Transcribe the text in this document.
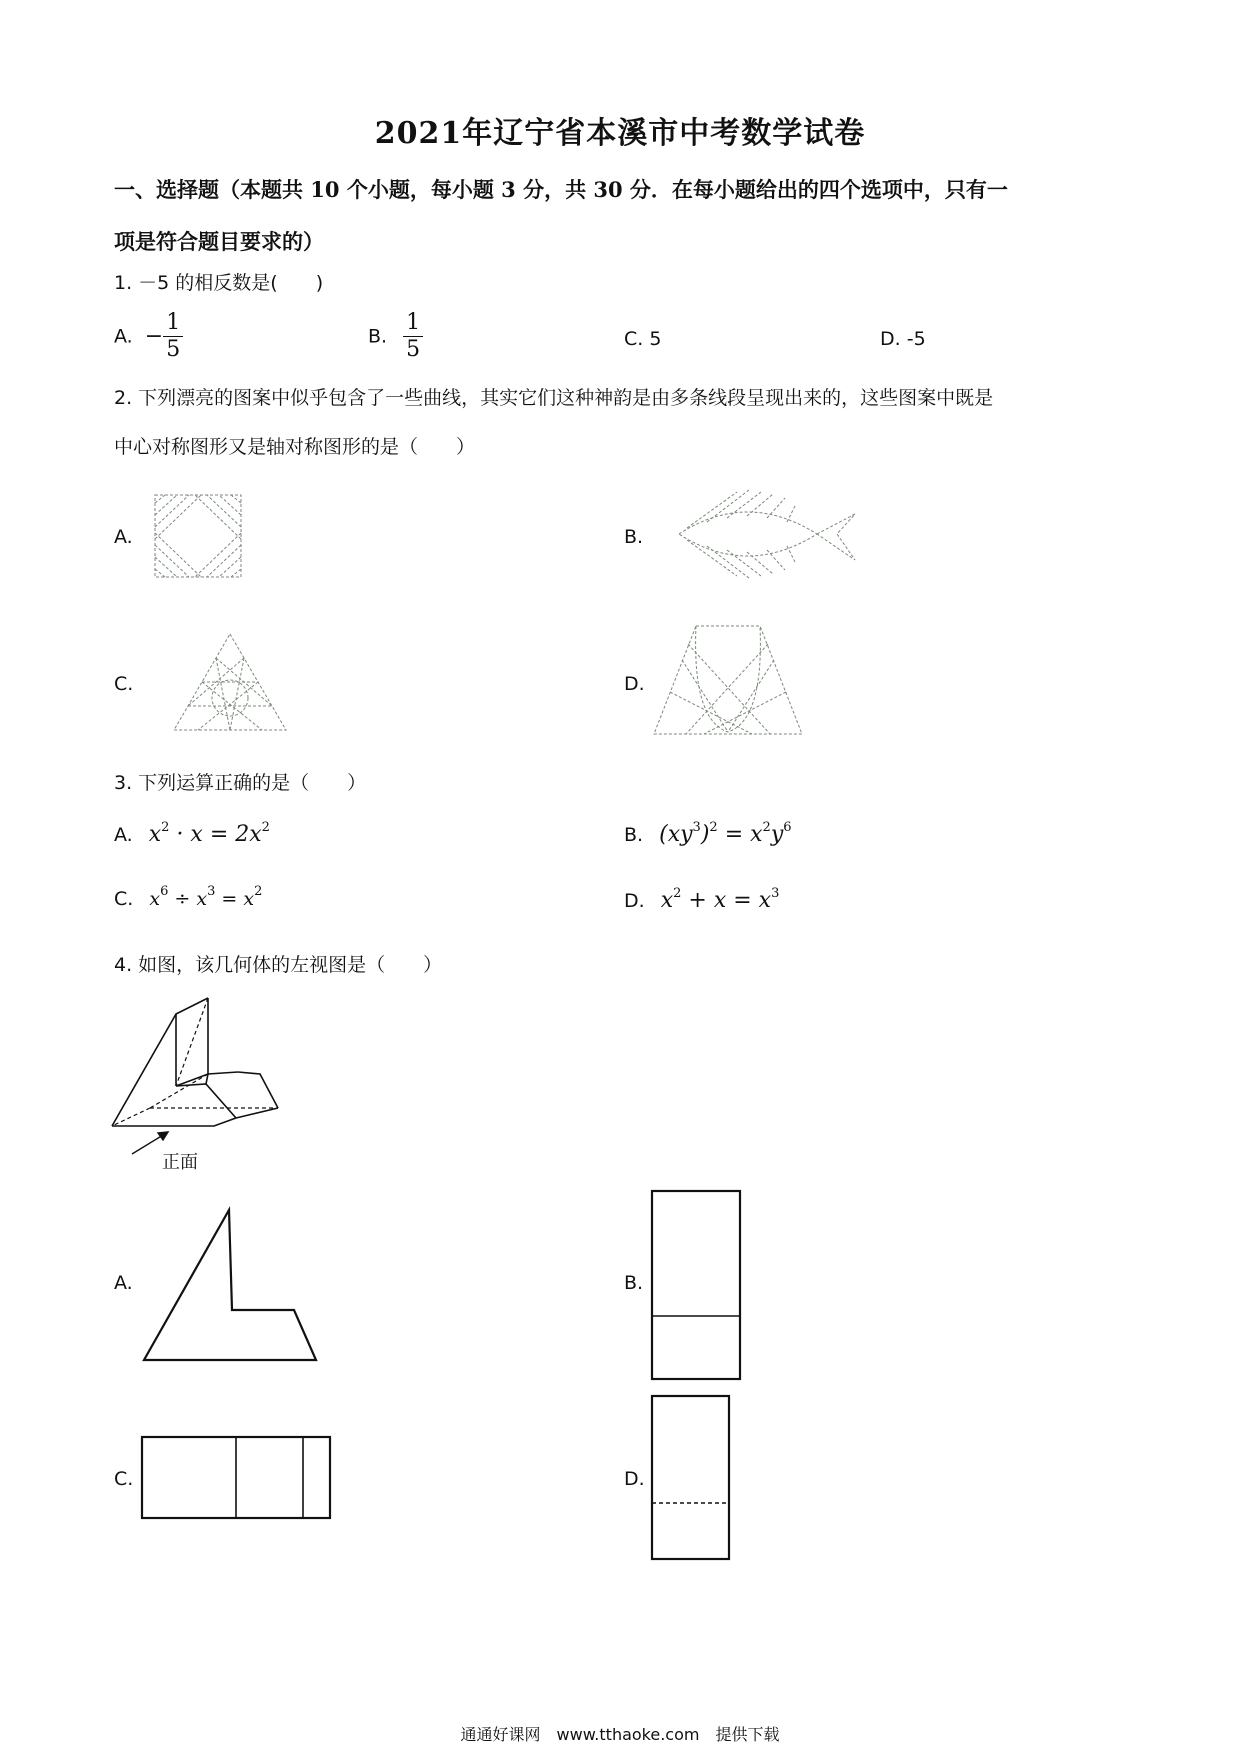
2021年辽宁省本溪市中考数学试卷
一、选择题（本题共 10 个小题，每小题 3 分，共 30 分．在每小题给出的四个选项中，只有一
项是符合题目要求的）
1. －5 的相反数是(　　)
A. − $\frac{1}{5}$	B. $\frac{1}{5}$	C. 5	D. -5
2. 下列漂亮的图案中似乎包含了一些曲线，其实它们这种神韵是由多条线段呈现出来的，这些图案中既是
中心对称图形又是轴对称图形的是（　　）
A.	B.
C.	D.
3. 下列运算正确的是（　　）
A. $x^2 \cdot x = 2x^2$	B. $(xy^3)^2 = x^2y^6$
C. $x^6 \div x^3 = x^2$	D. $x^2 + x = x^3$
4. 如图，该几何体的左视图是（　　）
正面
A.	B.
C.	D.
通通好课网　www.tthaoke.com　提供下载
